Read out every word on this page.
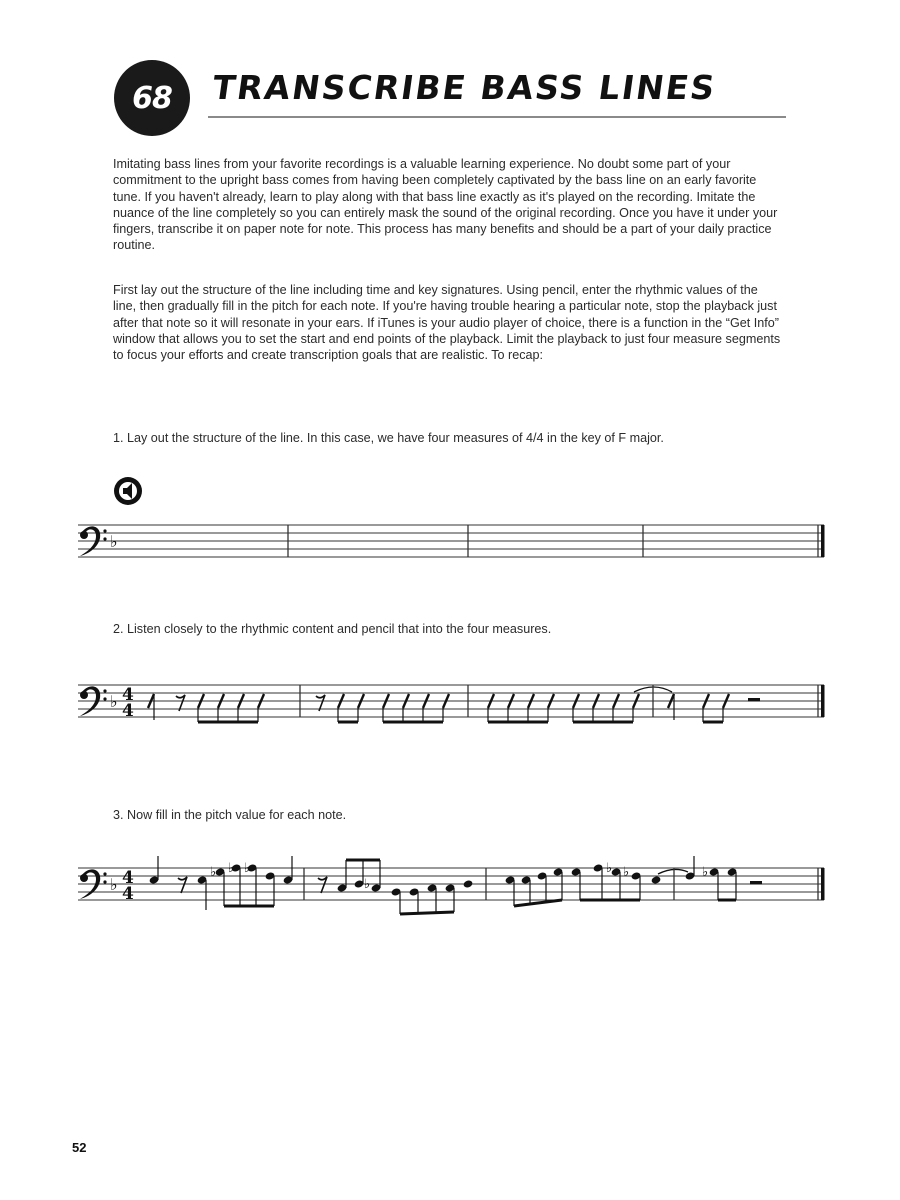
68 TRANSCRIBE BASS LINES

Imitating bass lines from your favorite recordings is a valuable learning experience. No doubt some part of your commitment to the upright bass comes from having been completely captivated by the bass line on an early favorite tune. If you haven't already, learn to play along with that bass line exactly as it's played on the recording. Imitate the nuance of the line completely so you can entirely mask the sound of the original recording. Once you have it under your fingers, transcribe it on paper note for note. This process has many benefits and should be a part of your daily practice routine.

First lay out the structure of the line including time and key signatures. Using pencil, enter the rhythmic values of the line, then gradually fill in the pitch for each note. If you're having trouble hearing a particular note, stop the playback just after that note so it will resonate in your ears. If iTunes is your audio player of choice, there is a function in the “Get Info” window that allows you to set the start and end points of the playback. Limit the playback to just four measure segments to focus your efforts and create transcription goals that are realistic. To recap:

1. Lay out the structure of the line. In this case, we have four measures of 4/4 in the key of F major.

♭

2. Listen closely to the rhythmic content and pencil that into the four measures.

♭ 4
4

3. Now fill in the pitch value for each note.

♭ 4
4
♭ ♭ ♭
♭
♭ ♭	♭

52
